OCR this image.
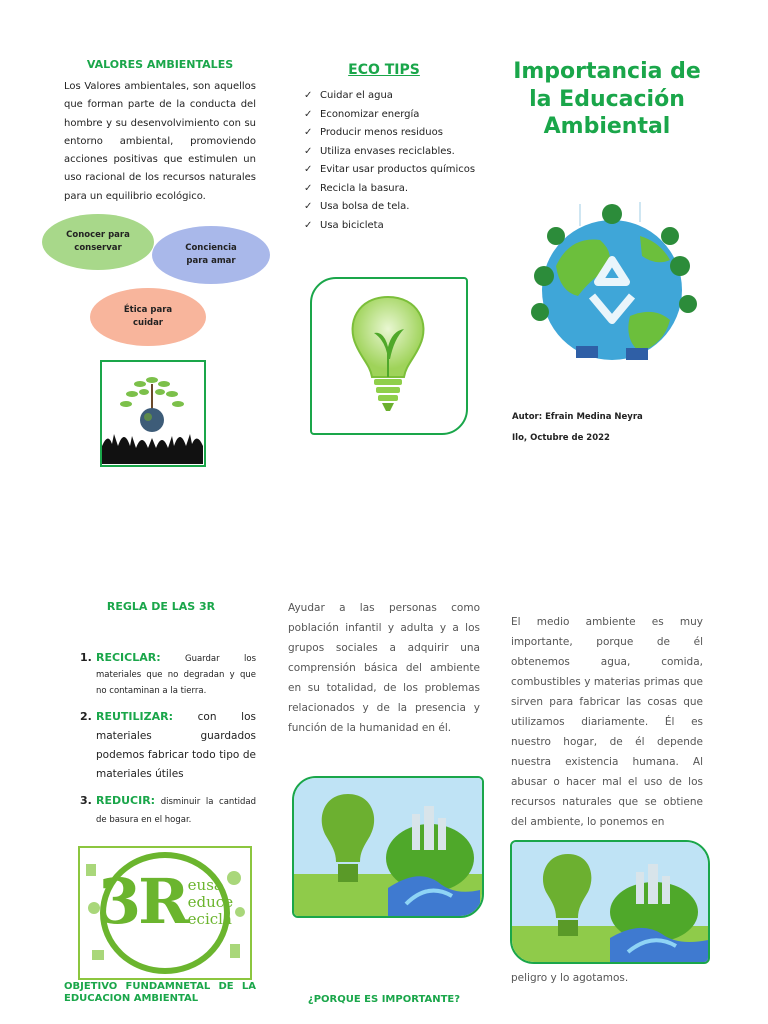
VALORES AMBIENTALES
Los Valores ambientales, son aquellos que forman parte de la conducta del hombre y su desenvolvimiento con su entorno ambiental, promoviendo acciones positivas que estimulen un uso racional de los recursos naturales para un equilibrio ecológico.
Conocer para conservar	Conciencia para amar
Ética para cuidar
ECO TIPS
✓ Cuidar el agua
✓ Economizar energía
✓ Producir menos residuos
✓ Utiliza envases reciclables.
✓ Evitar usar productos químicos
✓ Recicla la basura.
✓ Usa bolsa de tela.
✓ Usa bicicleta
Importancia de la Educación Ambiental
Autor: Efrain Medina Neyra
Ilo, Octubre de 2022
REGLA DE LAS 3R
1. RECICLAR:	Guardar los materiales que no degradan y que no contaminan a la tierra.
2. REUTILIZAR: con los materiales guardados podemos fabricar todo tipo de materiales útiles
3. REDUCIR: disminuir la cantidad de basura en el hogar.
3R eusa
educe
ecicla
OBJETIVO FUNDAMNETAL DE LA EDUCACION AMBIENTAL
Ayudar a las personas como población infantil y adulta y a los grupos sociales a adquirir una comprensión básica del ambiente en su totalidad, de los problemas relacionados y de la presencia y función de la humanidad en él.
¿PORQUE ES IMPORTANTE?
El medio ambiente es muy importante, porque de él obtenemos agua, comida, combustibles y materias primas que sirven para fabricar las cosas que utilizamos diariamente. Él es nuestro hogar, de él depende nuestra existencia humana. Al abusar o hacer mal el uso de los recursos naturales que se obtiene del ambiente, lo ponemos en
peligro y lo agotamos.
